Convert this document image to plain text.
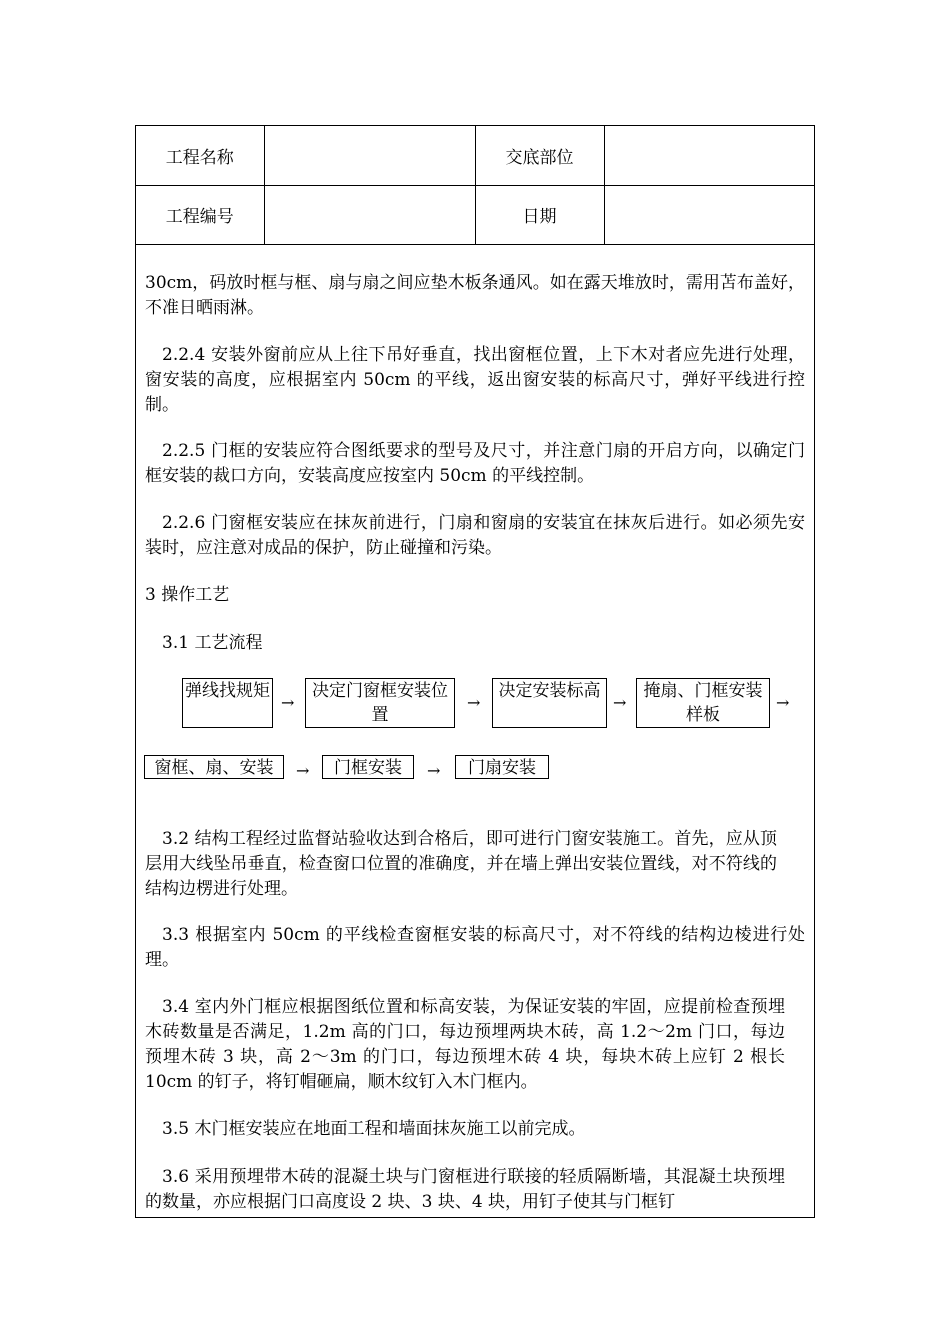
工程名称		交底部位	
工程编号		日期	

30cm，码放时框与框、扇与扇之间应垫木板条通风。如在露天堆放时，需用苫布盖好，不准日晒雨淋。

2.2.4 安装外窗前应从上往下吊好垂直，找出窗框位置，上下木对者应先进行处理，窗安装的高度，应根据室内 50cm 的平线，返出窗安装的标高尺寸，弹好平线进行控制。

2.2.5 门框的安装应符合图纸要求的型号及尺寸，并注意门扇的开启方向，以确定门框安装的裁口方向，安装高度应按室内 50cm 的平线控制。

2.2.6 门窗框安装应在抹灰前进行，门扇和窗扇的安装宜在抹灰后进行。如必须先安装时，应注意对成品的保护，防止碰撞和污染。

3 操作工艺

3.1 工艺流程

弹线找规矩
→
决定门窗框安装位置
→
决定安装标高
→
掩扇、门框安装样板
→
窗框、扇、安装	→	门框安装	→	门扇安装

3.2 结构工程经过监督站验收达到合格后，即可进行门窗安装施工。首先，应从顶层用大线坠吊垂直，检查窗口位置的准确度，并在墙上弹出安装位置线，对不符线的结构边楞进行处理。

3.3 根据室内 50cm 的平线检查窗框安装的标高尺寸，对不符线的结构边棱进行处理。

3.4 室内外门框应根据图纸位置和标高安装，为保证安装的牢固，应提前检查预埋木砖数量是否满足，1.2m 高的门口，每边预埋两块木砖，高 1.2～2m 门口，每边预埋木砖 3 块，高 2～3m 的门口，每边预埋木砖 4 块，每块木砖上应钉 2 根长 10cm 的钉子，将钉帽砸扁，顺木纹钉入木门框内。

3.5 木门框安装应在地面工程和墙面抹灰施工以前完成。

3.6 采用预埋带木砖的混凝土块与门窗框进行联接的轻质隔断墙，其混凝土块预埋的数量，亦应根据门口高度设 2 块、3 块、4 块，用钉子使其与门框钉
